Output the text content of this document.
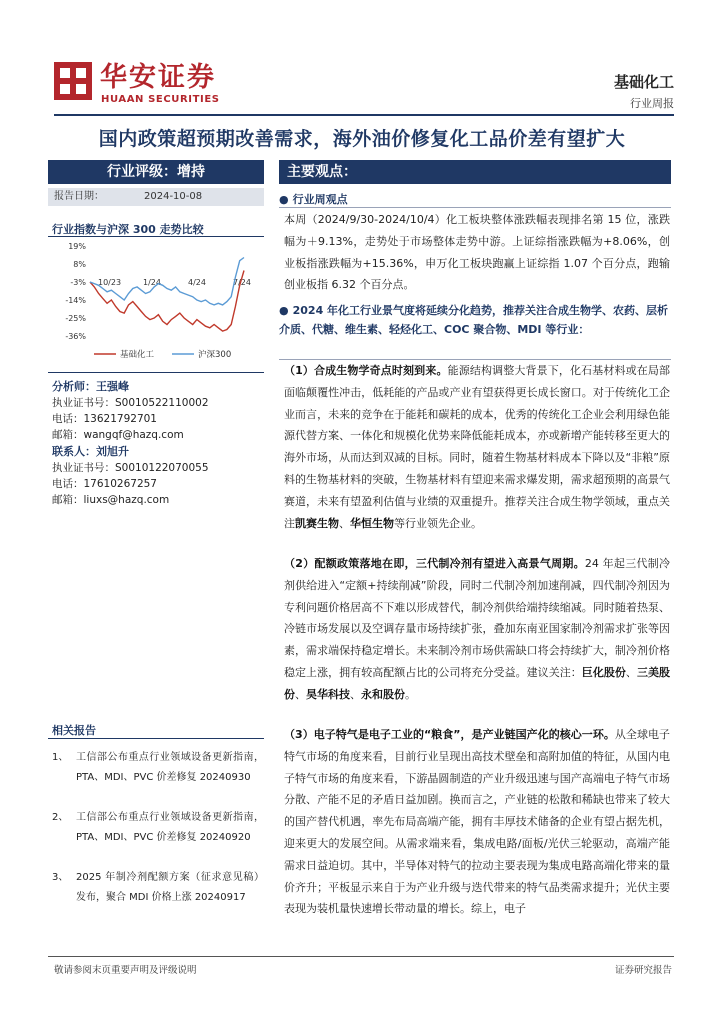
华安证券
HUAAN SECURITIES
基础化工
行业周报
国内政策超预期改善需求，海外油价修复化工品价差有望扩大
行业评级：增持
报告日期：	2024-10-08
行业指数与沪深 300 走势比较
19%
8%
-3%
-14%
-25%
-36%
10/23	1/24	4/24	7/24
基础化工	沪深300
分析师：王强峰
执业证书号：S0010522110002
电话：13621792701
邮箱：wangqf@hazq.com
联系人：刘旭升
执业证书号：S0010122070055
电话：17610267257
邮箱：liuxs@hazq.com
相关报告
1、 工信部公布重点行业领域设备更新指南，PTA、MDI、PVC 价差修复 20240930
2、 工信部公布重点行业领域设备更新指南，PTA、MDI、PVC 价差修复 20240920
3、 2025 年制冷剂配额方案（征求意见稿）发布，聚合 MDI 价格上涨 20240917
主要观点：
● 行业周观点
本周（2024/9/30-2024/10/4）化工板块整体涨跌幅表现排名第 15 位，涨跌幅为＋9.13%，走势处于市场整体走势中游。上证综指涨跌幅为+8.06%，创业板指涨跌幅为+15.36%，申万化工板块跑赢上证综指 1.07 个百分点，跑输创业板指 6.32 个百分点。
● 2024 年化工行业景气度将延续分化趋势，推荐关注合成生物学、农药、层析介质、代糖、维生素、轻烃化工、COC 聚合物、MDI 等行业：
（1）合成生物学奇点时刻到来。能源结构调整大背景下，化石基材料或在局部面临颠覆性冲击，低耗能的产品或产业有望获得更长成长窗口。对于传统化工企业而言，未来的竞争在于能耗和碳耗的成本，优秀的传统化工企业会利用绿色能源代替方案、一体化和规模化优势来降低能耗成本，亦或新增产能转移至更大的海外市场，从而达到双减的目标。同时，随着生物基材料成本下降以及“非粮”原料的生物基材料的突破，生物基材料有望迎来需求爆发期，需求超预期的高景气赛道，未来有望盈利估值与业绩的双重提升。推荐关注合成生物学领域，重点关注凯赛生物、华恒生物等行业领先企业。
（2）配额政策落地在即，三代制冷剂有望进入高景气周期。24 年起三代制冷剂供给进入“定额+持续削减”阶段，同时二代制冷剂加速削减，四代制冷剂因为专利问题价格居高不下难以形成替代，制冷剂供给端持续缩减。同时随着热泵、冷链市场发展以及空调存量市场持续扩张，叠加东南亚国家制冷剂需求扩张等因素，需求端保持稳定增长。未来制冷剂市场供需缺口将会持续扩大，制冷剂价格稳定上涨，拥有较高配额占比的公司将充分受益。建议关注：巨化股份、三美股份、昊华科技、永和股份。
（3）电子特气是电子工业的“粮食”，是产业链国产化的核心一环。从全球电子特气市场的角度来看，目前行业呈现出高技术壁垒和高附加值的特征，从国内电子特气市场的角度来看，下游晶圆制造的产业升级迅速与国产高端电子特气市场分散、产能不足的矛盾日益加剧。换而言之，产业链的松散和稀缺也带来了较大的国产替代机遇，率先布局高端产能，拥有丰厚技术储备的企业有望占据先机，迎来更大的发展空间。从需求端来看，集成电路/面板/光伏三轮驱动，高端产能需求日益迫切。其中，半导体对特气的拉动主要表现为集成电路高端化带来的量价齐升；平板显示来自于为产业升级与迭代带来的特气品类需求提升；光伏主要表现为装机量快速增长带动量的增长。综上，电子
敬请参阅末页重要声明及评级说明	证券研究报告
